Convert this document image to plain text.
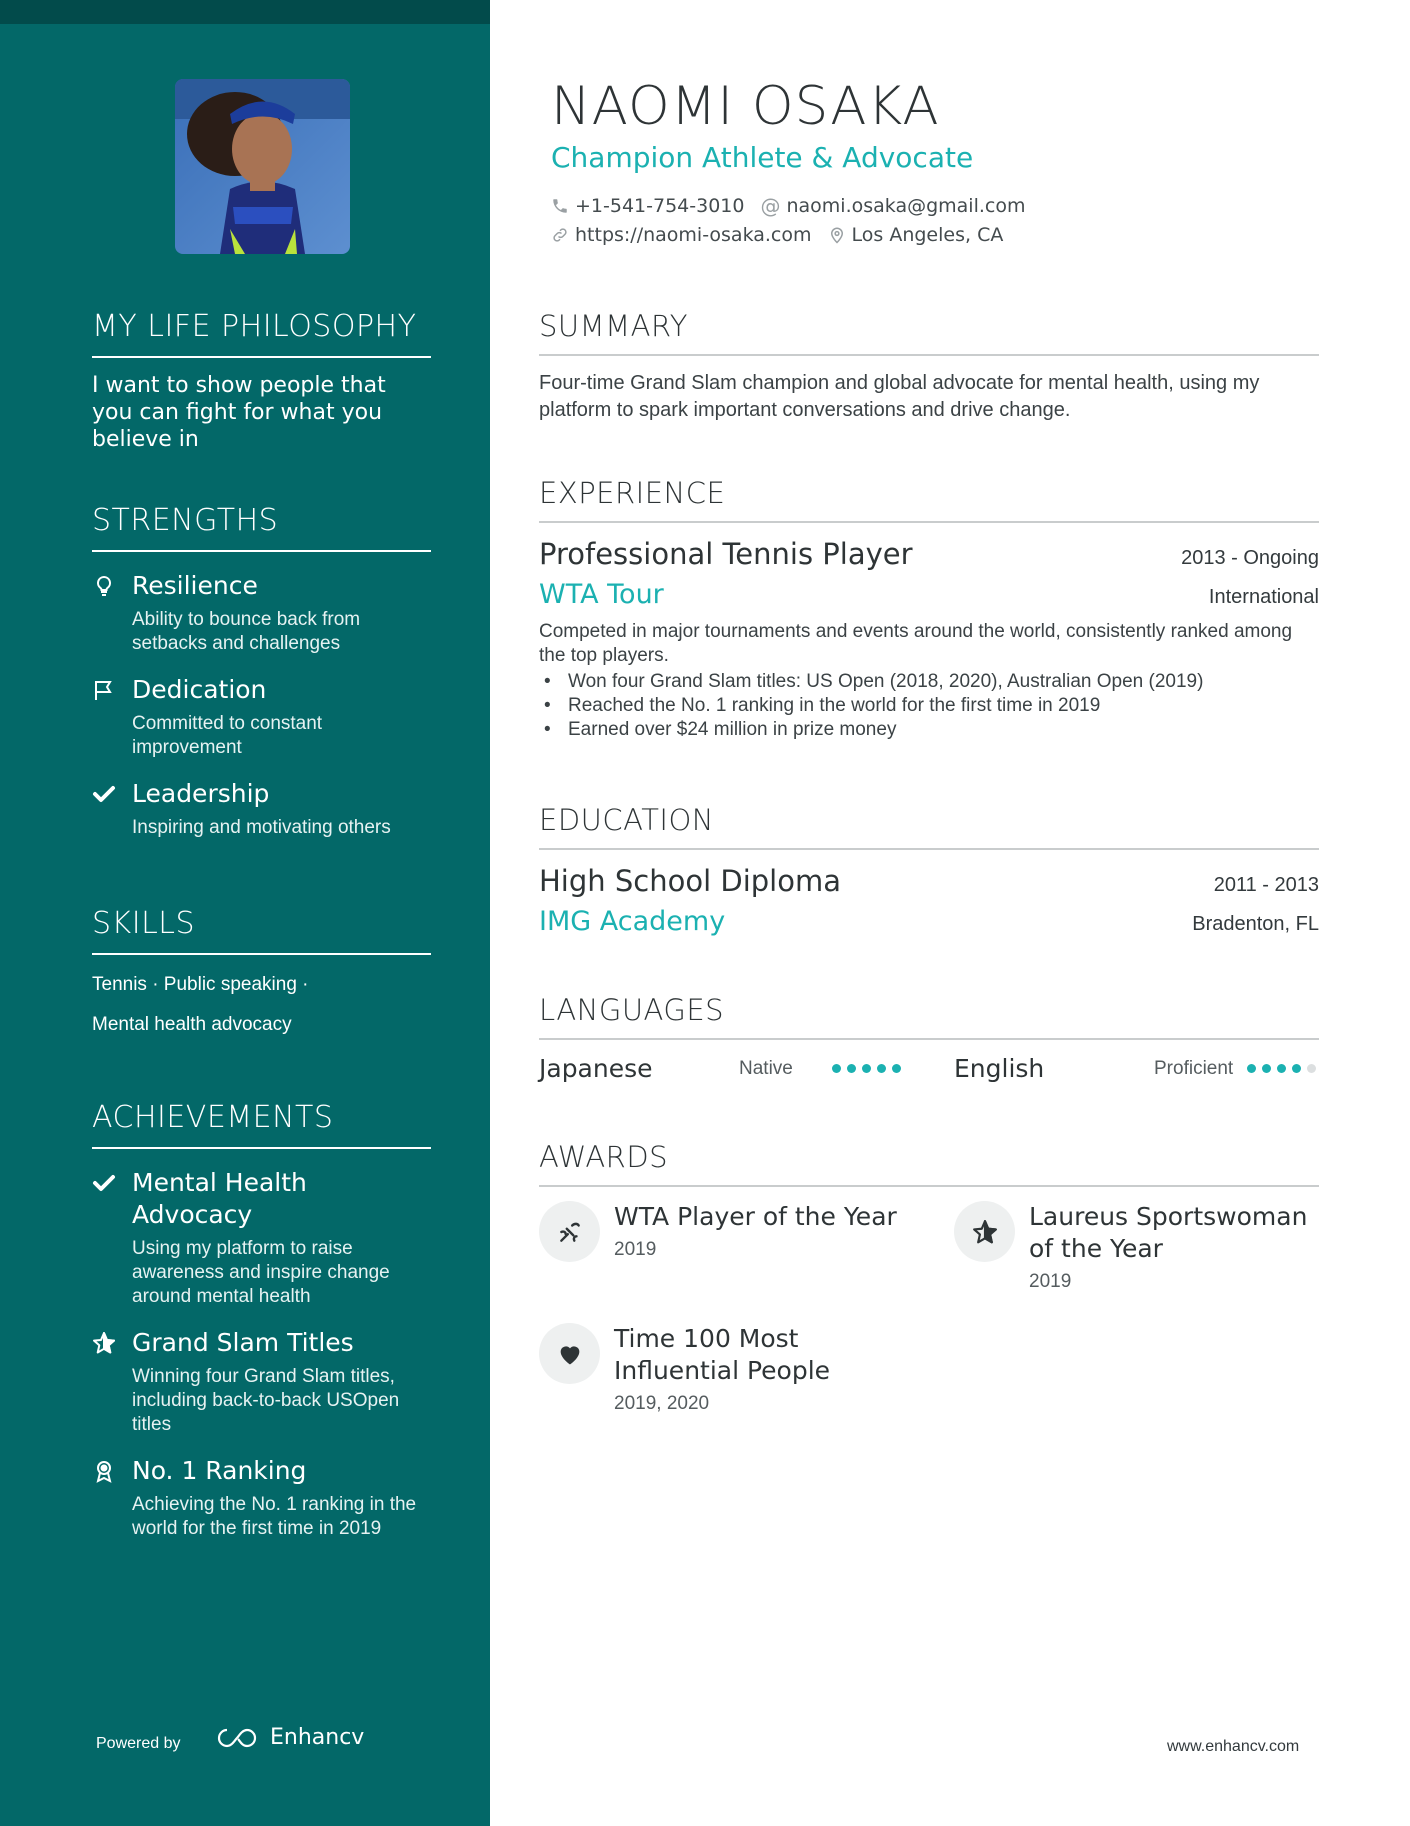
MY LIFE PHILOSOPHY
I want to show people that you can fight for what you believe in
STRENGTHS
Resilience
Ability to bounce back from setbacks and challenges
Dedication
Committed to constant improvement
Leadership
Inspiring and motivating others
SKILLS
Tennis · Public speaking ·
Mental health advocacy
ACHIEVEMENTS
Mental Health Advocacy
Using my platform to raise awareness and inspire change around mental health
Grand Slam Titles
Winning four Grand Slam titles, including back-to-back USOpen titles
No. 1 Ranking
Achieving the No. 1 ranking in the world for the first time in 2019
Powered by	Enhancv
NAOMI OSAKA
Champion Athlete & Advocate
+1-541-754-3010 @ naomi.osaka@gmail.com
https://naomi-osaka.com Los Angeles, CA
SUMMARY
Four-time Grand Slam champion and global advocate for mental health, using my platform to spark important conversations and drive change.
EXPERIENCE
Professional Tennis Player	2013 - Ongoing
WTA Tour	International
Competed in major tournaments and events around the world, consistently ranked among the top players.
• Won four Grand Slam titles: US Open (2018, 2020), Australian Open (2019)
• Reached the No. 1 ranking in the world for the first time in 2019
• Earned over $24 million in prize money
EDUCATION
High School Diploma	2011 - 2013
IMG Academy	Bradenton, FL
LANGUAGES
Japanese	Native	English	Proficient
AWARDS
WTA Player of the Year
2019
Laureus Sportswoman of the Year
2019
Time 100 Most Influential People
2019, 2020
www.enhancv.com
